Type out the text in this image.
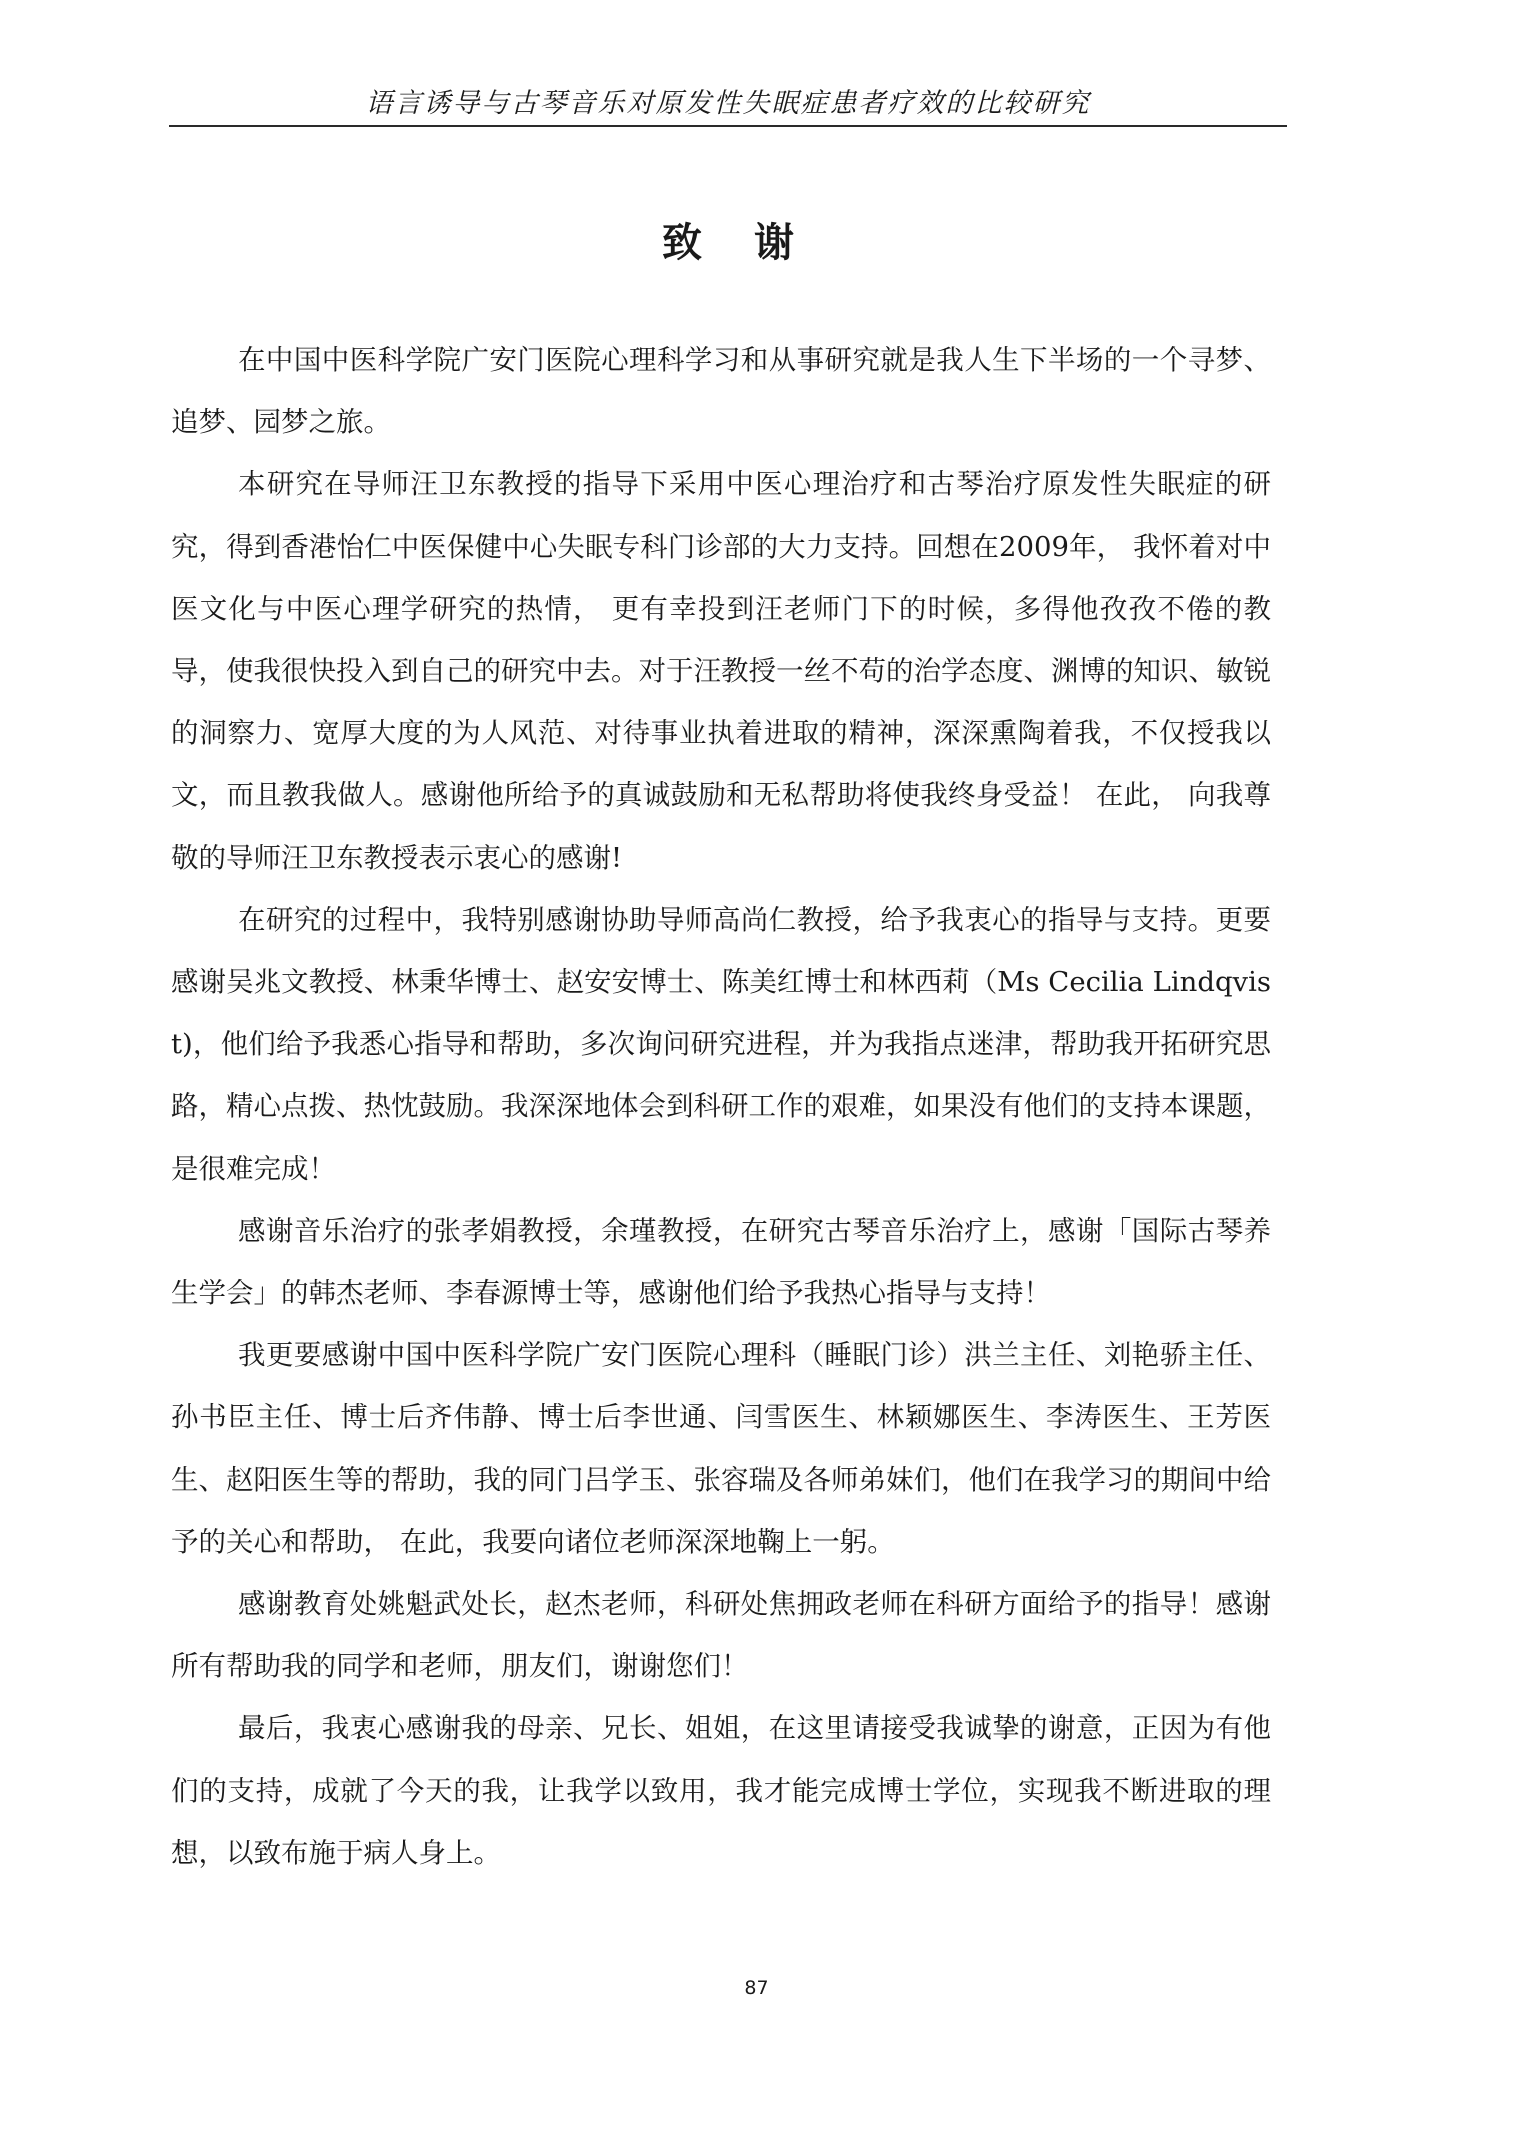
语言诱导与古琴音乐对原发性失眠症患者疗效的比较研究
致谢

在中国中医科学院广安门医院心理科学习和从事研究就是我人生下半场的一个寻梦、追梦、园梦之旅。

本研究在导师汪卫东教授的指导下采用中医心理治疗和古琴治疗原发性失眠症的研究，得到香港怡仁中医保健中心失眠专科门诊部的大力支持。回想在2009年， 我怀着对中医文化与中医心理学研究的热情， 更有幸投到汪老师门下的时候，多得他孜孜不倦的教导，使我很快投入到自己的研究中去。对于汪教授一丝不苟的治学态度、渊博的知识、敏锐的洞察力、宽厚大度的为人风范、对待事业执着进取的精神，深深熏陶着我，不仅授我以文，而且教我做人。感谢他所给予的真诚鼓励和无私帮助将使我终身受益！ 在此， 向我尊敬的导师汪卫东教授表示衷心的感谢!

在研究的过程中，我特别感谢协助导师高尚仁教授，给予我衷心的指导与支持。更要感谢吴兆文教授、林秉华博士、赵安安博士、陈美红博士和林西莉（Ms Cecilia Lindqvist)，他们给予我悉心指导和帮助，多次询问研究进程，并为我指点迷津，帮助我开拓研究思路，精心点拨、热忱鼓励。我深深地体会到科研工作的艰难，如果没有他们的支持本课题，是很难完成！

感谢音乐治疗的张孝娟教授，余瑾教授，在研究古琴音乐治疗上，感谢「国际古琴养生学会」的韩杰老师、李春源博士等，感谢他们给予我热心指导与支持！

我更要感谢中国中医科学院广安门医院心理科（睡眠门诊）洪兰主任、刘艳骄主任、孙书臣主任、博士后齐伟静、博士后李世通、闫雪医生、林颖娜医生、李涛医生、王芳医生、赵阳医生等的帮助，我的同门吕学玉、张容瑞及各师弟妹们，他们在我学习的期间中给予的关心和帮助， 在此，我要向诸位老师深深地鞠上一躬。

感谢教育处姚魁武处长，赵杰老师，科研处焦拥政老师在科研方面给予的指导！感谢所有帮助我的同学和老师，朋友们，谢谢您们！

最后，我衷心感谢我的母亲、兄长、姐姐，在这里请接受我诚挚的谢意，正因为有他们的支持，成就了今天的我，让我学以致用，我才能完成博士学位，实现我不断进取的理想，以致布施于病人身上。

87
